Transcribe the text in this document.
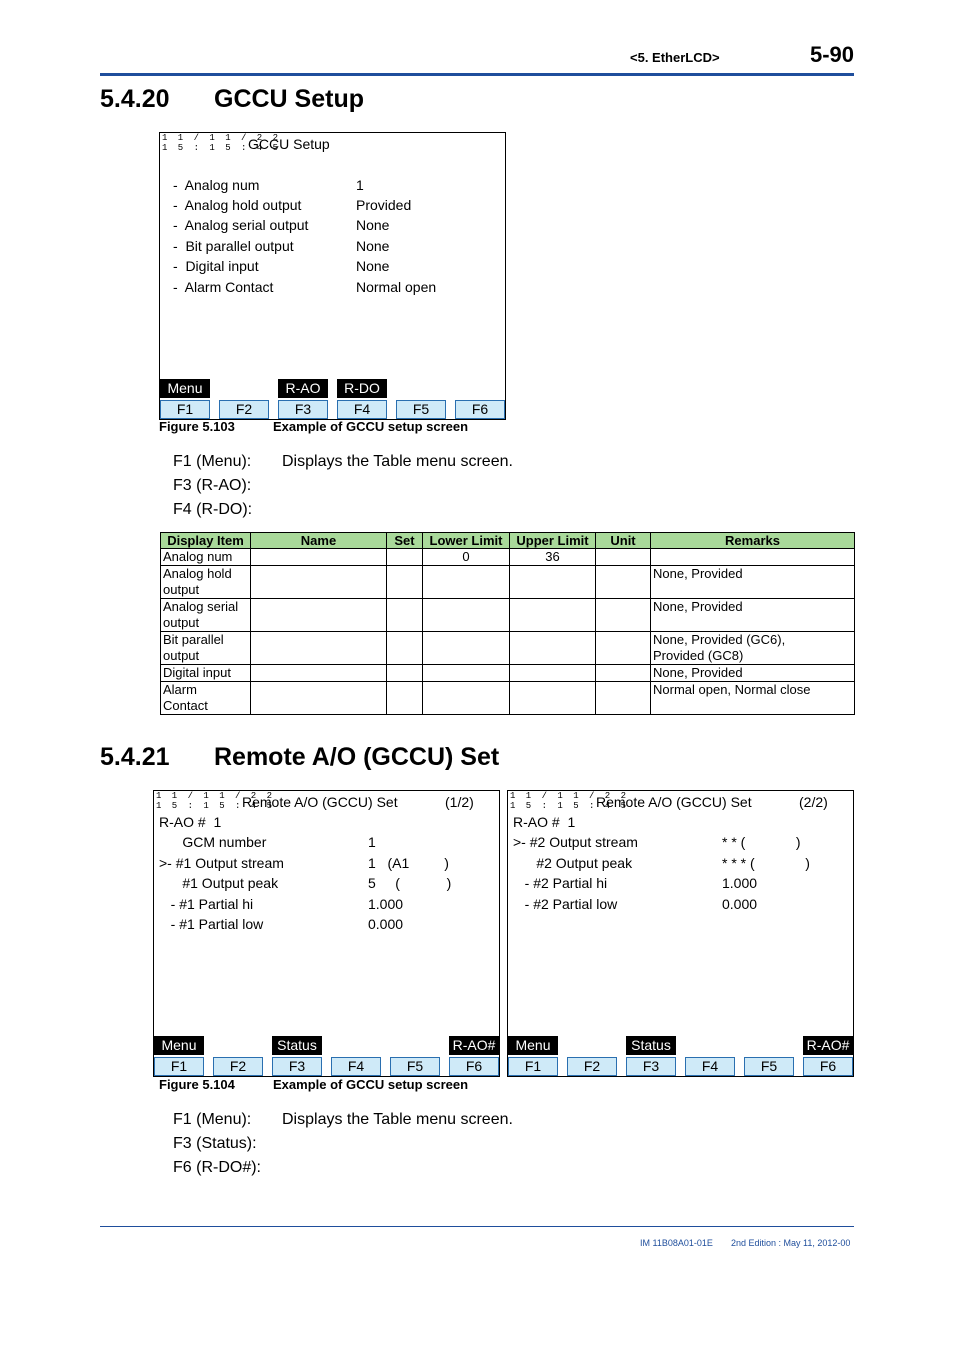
<5. EtherLCD>	5-90
5.4.20 GCCU Setup
1 1 / 1 1 / 2 2
1 5 : 1 5 : 4 5
GCCU Setup
-  Analog num	1
-  Analog hold output	Provided
-  Analog serial output	None
-  Bit parallel output	None
-  Digital input	None
-  Alarm Contact	Normal open
Menu	R-AO	R-DO
F1	F2	F3	F4	F5	F6
Figure 5.103	Example of GCCU setup screen
F1 (Menu): Displays the Table menu screen.
F3 (R-AO):
F4 (R-DO):
Display Item	Name	Set	Lower Limit	Upper Limit	Unit	Remarks
Analog num			0	36		
Analog hold
output						None, Provided
Analog serial
output						None, Provided
Bit parallel
output						None, Provided (GC6),
Provided (GC8)
Digital input						None, Provided
Alarm
Contact						Normal open, Normal close
5.4.21 Remote A/O (GCCU) Set
1 1 / 1 1 / 2 2
1 5 : 1 5 : 4 5
Remote A/O (GCCU) Set	(1/2)
R-AO #  1
GCM number	1
>- #1 Output stream	1   (A1         )
#1 Output peak	5     (            )
- #1 Partial hi	1.000
- #1 Partial low	0.000
Menu	Status	R-AO#
F1	F2	F3	F4	F5	F6
1 1 / 1 1 / 2 2
1 5 : 1 5 : 4 5
Remote A/O (GCCU) Set	(2/2)
R-AO #  1
>- #2 Output stream	* * (             )
#2 Output peak	* * * (             )
- #2 Partial hi	1.000
- #2 Partial low	0.000
Menu	Status	R-AO#
F1	F2	F3	F4	F5	F6
Figure 5.104	Example of GCCU setup screen
F1 (Menu): Displays the Table menu screen.
F3 (Status):
F6 (R-DO#):
IM 11B08A01-01E 2nd Edition : May 11, 2012-00
